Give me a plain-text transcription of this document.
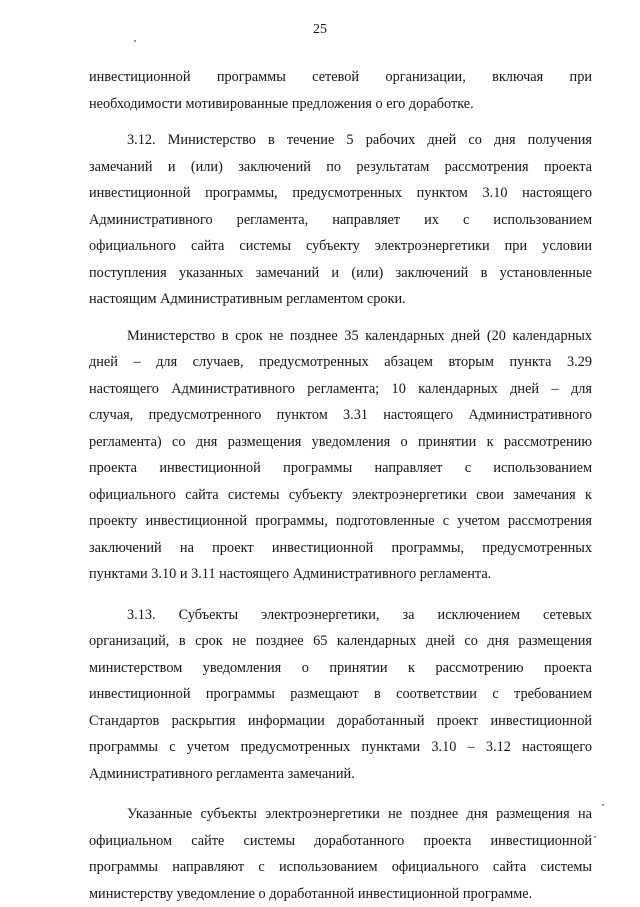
25

инвестиционной программы сетевой организации, включая при
необходимости мотивированные предложения о его доработке.

3.12. Министерство в течение 5 рабочих дней со дня получения
замечаний и (или) заключений по результатам рассмотрения проекта
инвестиционной программы, предусмотренных пунктом 3.10 настоящего
Административного регламента, направляет их с использованием
официального сайта системы субъекту электроэнергетики при условии
поступления указанных замечаний и (или) заключений в установленные
настоящим Административным регламентом сроки.

Министерство в срок не позднее 35 календарных дней (20 календарных
дней – для случаев, предусмотренных абзацем вторым пункта 3.29
настоящего Административного регламента; 10 календарных дней – для
случая, предусмотренного пунктом 3.31 настоящего Административного
регламента) со дня размещения уведомления о принятии к рассмотрению
проекта инвестиционной программы направляет с использованием
официального сайта системы субъекту электроэнергетики свои замечания к
проекту инвестиционной программы, подготовленные с учетом рассмотрения
заключений на проект инвестиционной программы, предусмотренных
пунктами 3.10 и 3.11 настоящего Административного регламента.

3.13. Субъекты электроэнергетики, за исключением сетевых
организаций, в срок не позднее 65 календарных дней со дня размещения
министерством уведомления о принятии к рассмотрению проекта
инвестиционной программы размещают в соответствии с требованием
Стандартов раскрытия информации доработанный проект инвестиционной
программы с учетом предусмотренных пунктами 3.10 – 3.12 настоящего
Административного регламента замечаний.

Указанные субъекты электроэнергетики не позднее дня размещения на
официальном сайте системы доработанного проекта инвестиционной
программы направляют с использованием официального сайта системы
министерству уведомление о доработанной инвестиционной программе.
